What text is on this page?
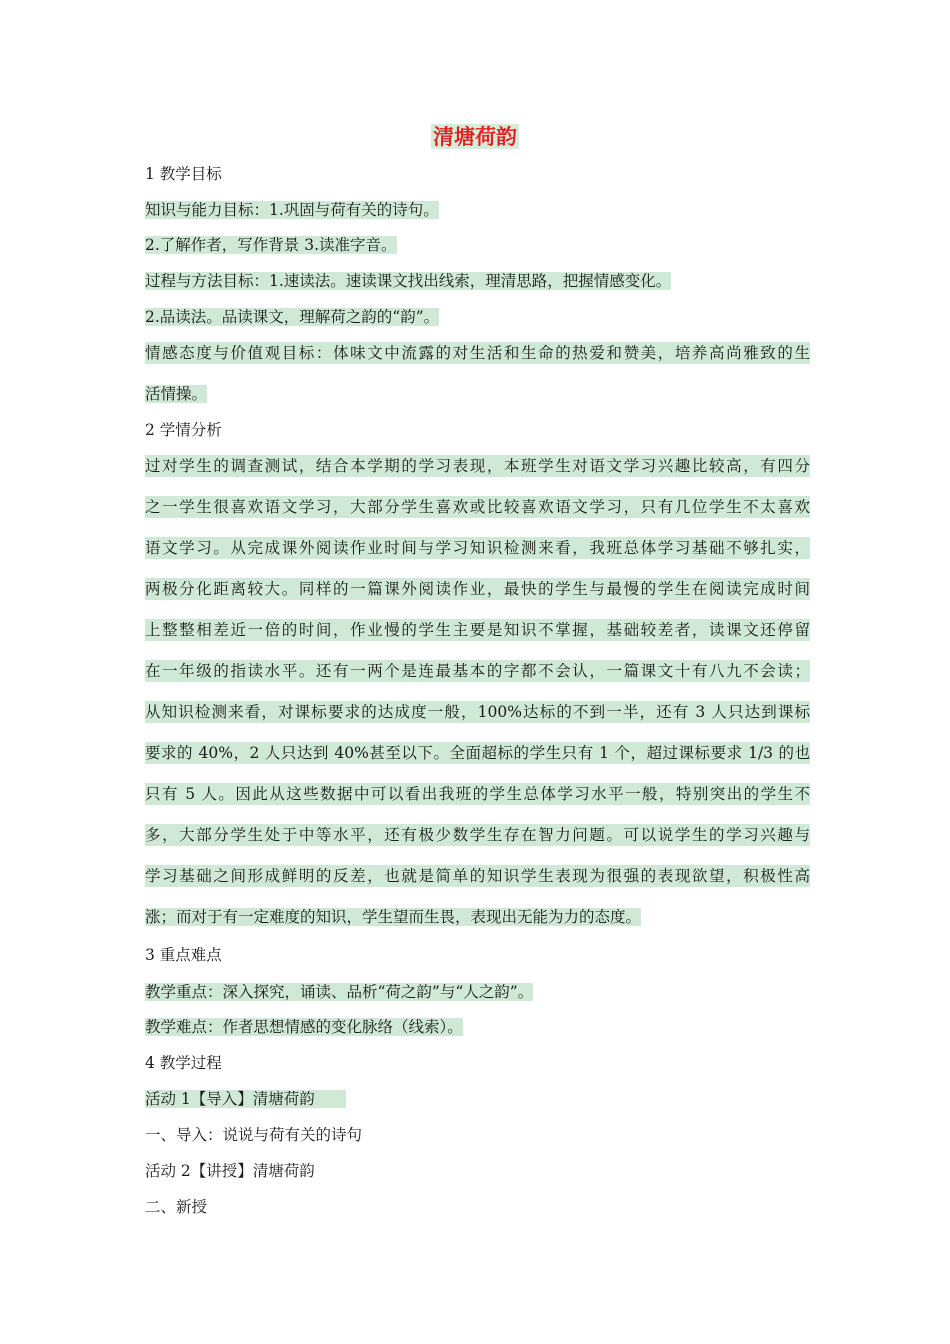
清塘荷韵
1 教学目标
知识与能力目标：1.巩固与荷有关的诗句。
2.了解作者，写作背景 3.读准字音。
过程与方法目标：1.速读法。速读课文找出线索，理清思路，把握情感变化。
2.品读法。品读课文，理解荷之韵的“韵”。
情感态度与价值观目标：体味文中流露的对生活和生命的热爱和赞美，培养高尚雅致的生
活情操。
2 学情分析
过对学生的调查测试，结合本学期的学习表现，本班学生对语文学习兴趣比较高，有四分
之一学生很喜欢语文学习，大部分学生喜欢或比较喜欢语文学习，只有几位学生不太喜欢
语文学习。从完成课外阅读作业时间与学习知识检测来看，我班总体学习基础不够扎实，
两极分化距离较大。同样的一篇课外阅读作业，最快的学生与最慢的学生在阅读完成时间
上整整相差近一倍的时间，作业慢的学生主要是知识不掌握，基础较差者，读课文还停留
在一年级的指读水平。还有一两个是连最基本的字都不会认，一篇课文十有八九不会读；
从知识检测来看，对课标要求的达成度一般，100%达标的不到一半，还有 3 人只达到课标
要求的 40%，2 人只达到 40%甚至以下。全面超标的学生只有 1 个，超过课标要求 1/3 的也
只有 5 人。因此从这些数据中可以看出我班的学生总体学习水平一般，特别突出的学生不
多，大部分学生处于中等水平，还有极少数学生存在智力问题。可以说学生的学习兴趣与
学习基础之间形成鲜明的反差，也就是简单的知识学生表现为很强的表现欲望，积极性高
涨；而对于有一定难度的知识，学生望而生畏，表现出无能为力的态度。
3 重点难点
教学重点：深入探究，诵读、品析“荷之韵”与“人之韵”。
教学难点：作者思想情感的变化脉络（线索）。
4 教学过程
活动 1【导入】清塘荷韵　　
一、导入：说说与荷有关的诗句
活动 2【讲授】清塘荷韵
二、新授
